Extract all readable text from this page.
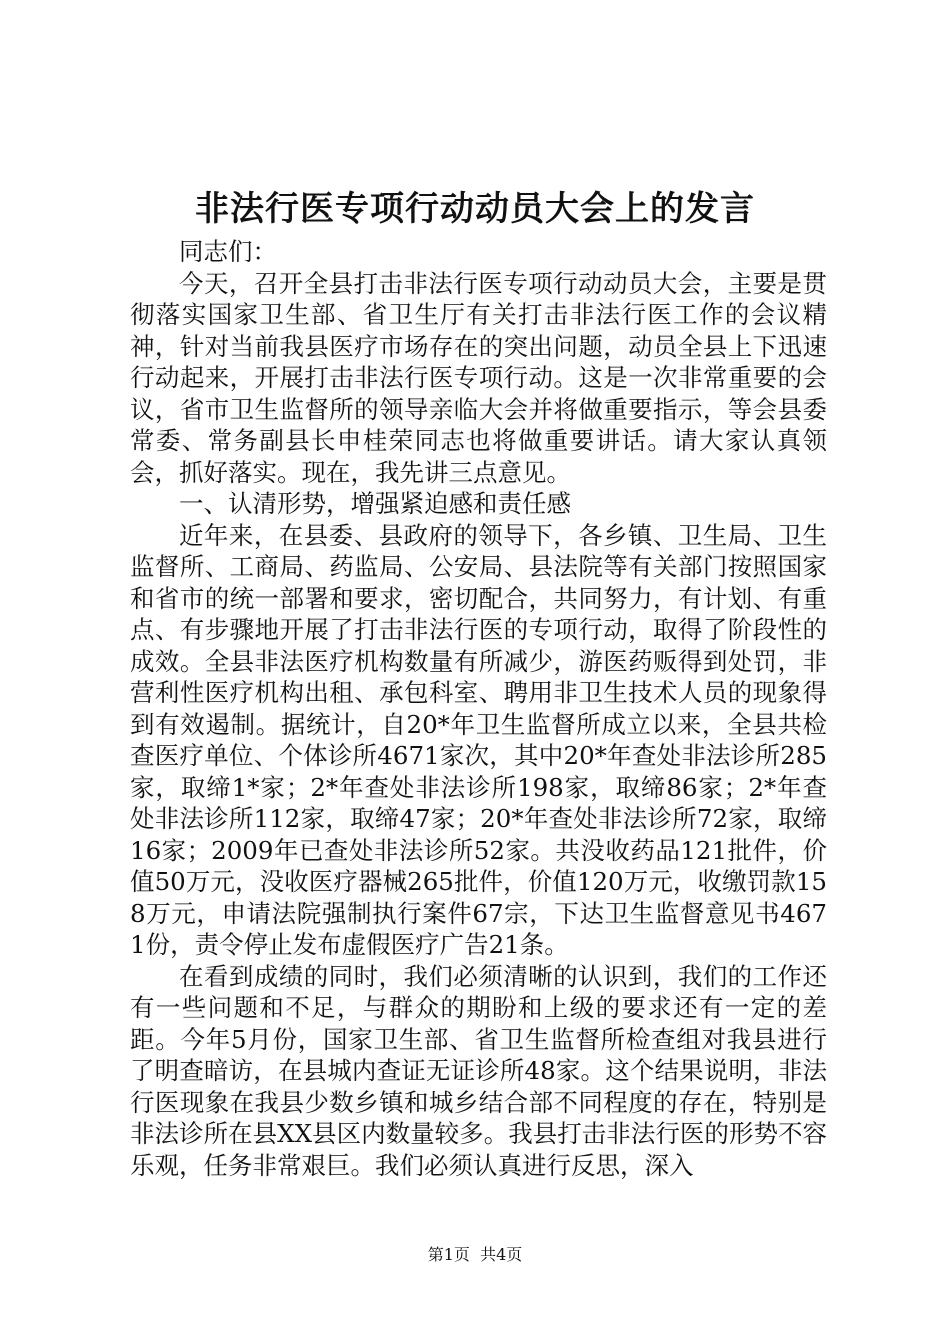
非法行医专项行动动员大会上的发言

同志们：

今天，召开全县打击非法行医专项行动动员大会，主要是贯彻落实国家卫生部、省卫生厅有关打击非法行医工作的会议精神，针对当前我县医疗市场存在的突出问题，动员全县上下迅速行动起来，开展打击非法行医专项行动。这是一次非常重要的会议，省市卫生监督所的领导亲临大会并将做重要指示，等会县委常委、常务副县长申桂荣同志也将做重要讲话。请大家认真领会，抓好落实。现在，我先讲三点意见。

一、认清形势，增强紧迫感和责任感

近年来，在县委、县政府的领导下，各乡镇、卫生局、卫生监督所、工商局、药监局、公安局、县法院等有关部门按照国家和省市的统一部署和要求，密切配合，共同努力，有计划、有重点、有步骤地开展了打击非法行医的专项行动，取得了阶段性的成效。全县非法医疗机构数量有所减少，游医药贩得到处罚，非营利性医疗机构出租、承包科室、聘用非卫生技术人员的现象得到有效遏制。据统计，自20*年卫生监督所成立以来，全县共检查医疗单位、个体诊所4671家次，其中20*年查处非法诊所285家，取缔1*家；2*年查处非法诊所198家，取缔86家；2*年查处非法诊所112家，取缔47家；20*年查处非法诊所72家，取缔16家；2009年已查处非法诊所52家。共没收药品121批件，价值50万元，没收医疗器械265批件，价值120万元，收缴罚款158万元，申请法院强制执行案件67宗，下达卫生监督意见书4671份，责令停止发布虚假医疗广告21条。

在看到成绩的同时，我们必须清晰的认识到，我们的工作还有一些问题和不足，与群众的期盼和上级的要求还有一定的差距。今年5月份，国家卫生部、省卫生监督所检查组对我县进行了明查暗访，在县城内查证无证诊所48家。这个结果说明，非法行医现象在我县少数乡镇和城乡结合部不同程度的存在，特别是非法诊所在县XX县区内数量较多。我县打击非法行医的形势不容乐观，任务非常艰巨。我们必须认真进行反思，深入

第1页  共4页
